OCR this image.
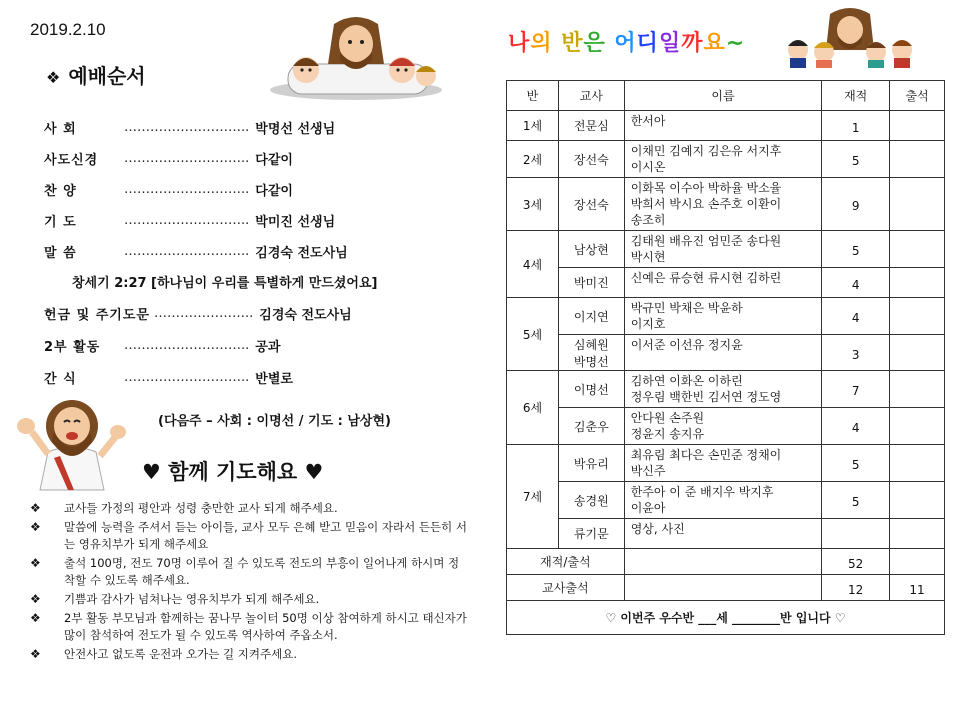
2019.2.10
❖ 예배순서
사 회	……………………….. 박명선 선생님
사도신경	……………………….. 다같이
찬 양	……………………….. 다같이
기 도	……………………….. 박미진 선생님
말 씀	……………………….. 김경숙 전도사님
창세기 2:27 [하나님이 우리를 특별하게 만드셨어요]
헌금 및 주기도문 ………………….. 김경숙 전도사님
2부 활동	……………………….. 공과
간 식	……………………….. 반별로
(다음주 – 사회 : 이명선 / 기도 : 남상현)
♥ 함께 기도해요 ♥
❖ 교사들 가정의 평안과 성령 충만한 교사 되게 해주세요.
❖ 말씀에 능력을 주셔서 듣는 아이들, 교사 모두 은혜 받고 믿음이 자라서 든든히 서는 영유치부가 되게 해주세요
❖ 출석 100명, 전도 70명 이루어 질 수 있도록 전도의 부흥이 일어나게 하시며 정착할 수 있도록 해주세요.
❖ 기쁨과 감사가 넘쳐나는 영유치부가 되게 해주세요.
❖ 2부 활동 부모님과 함께하는 꿈나무 놀이터 50명 이상 참여하게 하시고 태신자가 많이 참석하여 전도가 될 수 있도록 역사하여 주옵소서.
❖ 안전사고 없도록 운전과 오가는 길 지켜주세요.
나의 반은 어디일까요~
반	교사	이름	재적	출석
1세	전문심	한서아	1	
2세	장선숙	이채민 김예지 김은유 서지후
이시온	5	
3세	장선숙	이화목 이수아 박하율 박소율
박희서 박시요 손주호 이환이
송조히	9	
4세	남상현	김태원 배유진 엄민준 송다원
박시현	5	
	박미진	신예은 류승현 류시현 김하린	4	
5세	이지연	박규민 박채은 박윤하
이지호	4	
	심혜원
박명선	이서준 이선유 정지윤	3	
6세	이명선	김하연 이화온 이하린
정우림 백한빈 김서연 정도영	7	
	김춘우	안다원 손주원
정윤지 송지유	4	
7세	박유리	최유림 최다은 손민준 정채이
박신주	5	
	송경원	한주아 이 준 배지우 박지후
이윤아	5	
	류기문	영상, 사진		
재적/출석			52	
교사출석			12	11
♡ 이번주 우수반 ___세 ________반 입니다 ♡				
